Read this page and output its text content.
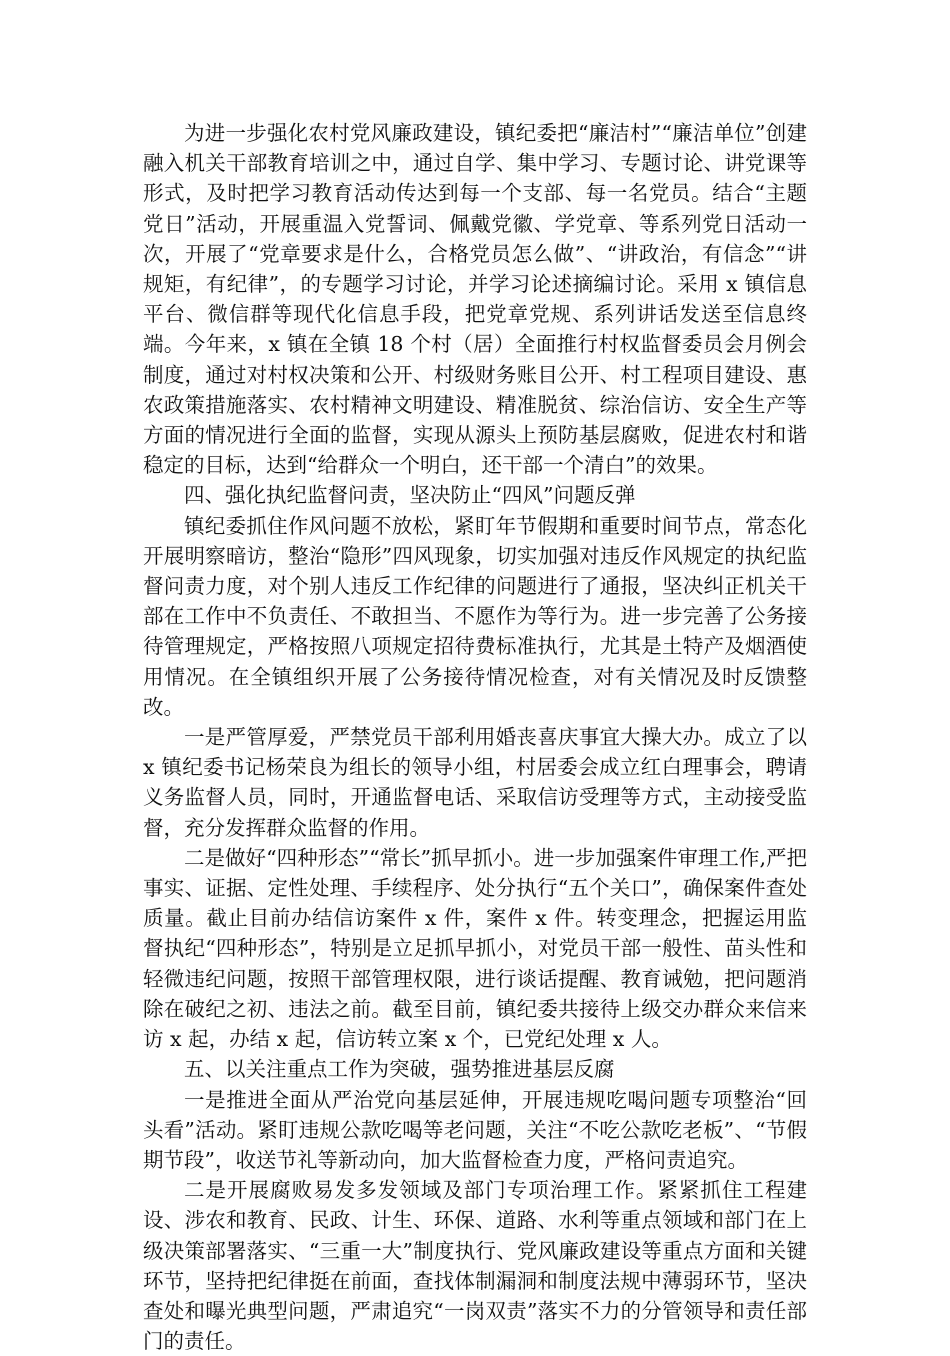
为进一步强化农村党风廉政建设，镇纪委把“廉洁村”“廉洁单位”创建融入机关干部教育培训之中，通过自学、集中学习、专题讨论、讲党课等形式，及时把学习教育活动传达到每一个支部、每一名党员。结合“主题党日”活动，开展重温入党誓词、佩戴党徽、学党章、等系列党日活动一次，开展了“党章要求是什么，合格党员怎么做”、“讲政治，有信念”“讲规矩，有纪律”，的专题学习讨论，并学习论述摘编讨论。采用 x 镇信息平台、微信群等现代化信息手段，把党章党规、系列讲话发送至信息终端。今年来，x 镇在全镇 18 个村（居）全面推行村权监督委员会月例会制度，通过对村权决策和公开、村级财务账目公开、村工程项目建设、惠农政策措施落实、农村精神文明建设、精准脱贫、综治信访、安全生产等方面的情况进行全面的监督，实现从源头上预防基层腐败，促进农村和谐稳定的目标，达到“给群众一个明白，还干部一个清白”的效果。

四、强化执纪监督问责，坚决防止“四风”问题反弹

镇纪委抓住作风问题不放松，紧盯年节假期和重要时间节点，常态化开展明察暗访，整治“隐形”四风现象，切实加强对违反作风规定的执纪监督问责力度，对个别人违反工作纪律的问题进行了通报，坚决纠正机关干部在工作中不负责任、不敢担当、不愿作为等行为。进一步完善了公务接待管理规定，严格按照八项规定招待费标准执行，尤其是土特产及烟酒使用情况。在全镇组织开展了公务接待情况检查，对有关情况及时反馈整改。

一是严管厚爱，严禁党员干部利用婚丧喜庆事宜大操大办。成立了以 x 镇纪委书记杨荣良为组长的领导小组，村居委会成立红白理事会，聘请义务监督人员，同时，开通监督电话、采取信访受理等方式，主动接受监督，充分发挥群众监督的作用。

二是做好“四种形态”“常长”抓早抓小。进一步加强案件审理工作,严把事实、证据、定性处理、手续程序、处分执行“五个关口”，确保案件查处质量。截止目前办结信访案件 x 件，案件 x 件。转变理念，把握运用监督执纪“四种形态”，特别是立足抓早抓小，对党员干部一般性、苗头性和轻微违纪问题，按照干部管理权限，进行谈话提醒、教育诫勉，把问题消除在破纪之初、违法之前。截至目前，镇纪委共接待上级交办群众来信来访 x 起，办结 x 起，信访转立案 x 个，已党纪处理 x 人。

五、以关注重点工作为突破，强势推进基层反腐

一是推进全面从严治党向基层延伸，开展违规吃喝问题专项整治“回头看”活动。紧盯违规公款吃喝等老问题，关注“不吃公款吃老板”、“节假期节段”，收送节礼等新动向，加大监督检查力度，严格问责追究。

二是开展腐败易发多发领域及部门专项治理工作。紧紧抓住工程建设、涉农和教育、民政、计生、环保、道路、水利等重点领域和部门在上级决策部署落实、“三重一大”制度执行、党风廉政建设等重点方面和关键环节，坚持把纪律挺在前面，查找体制漏洞和制度法规中薄弱环节，坚决查处和曝光典型问题，严肃追究“一岗双责”落实不力的分管领导和责任部门的责任。
